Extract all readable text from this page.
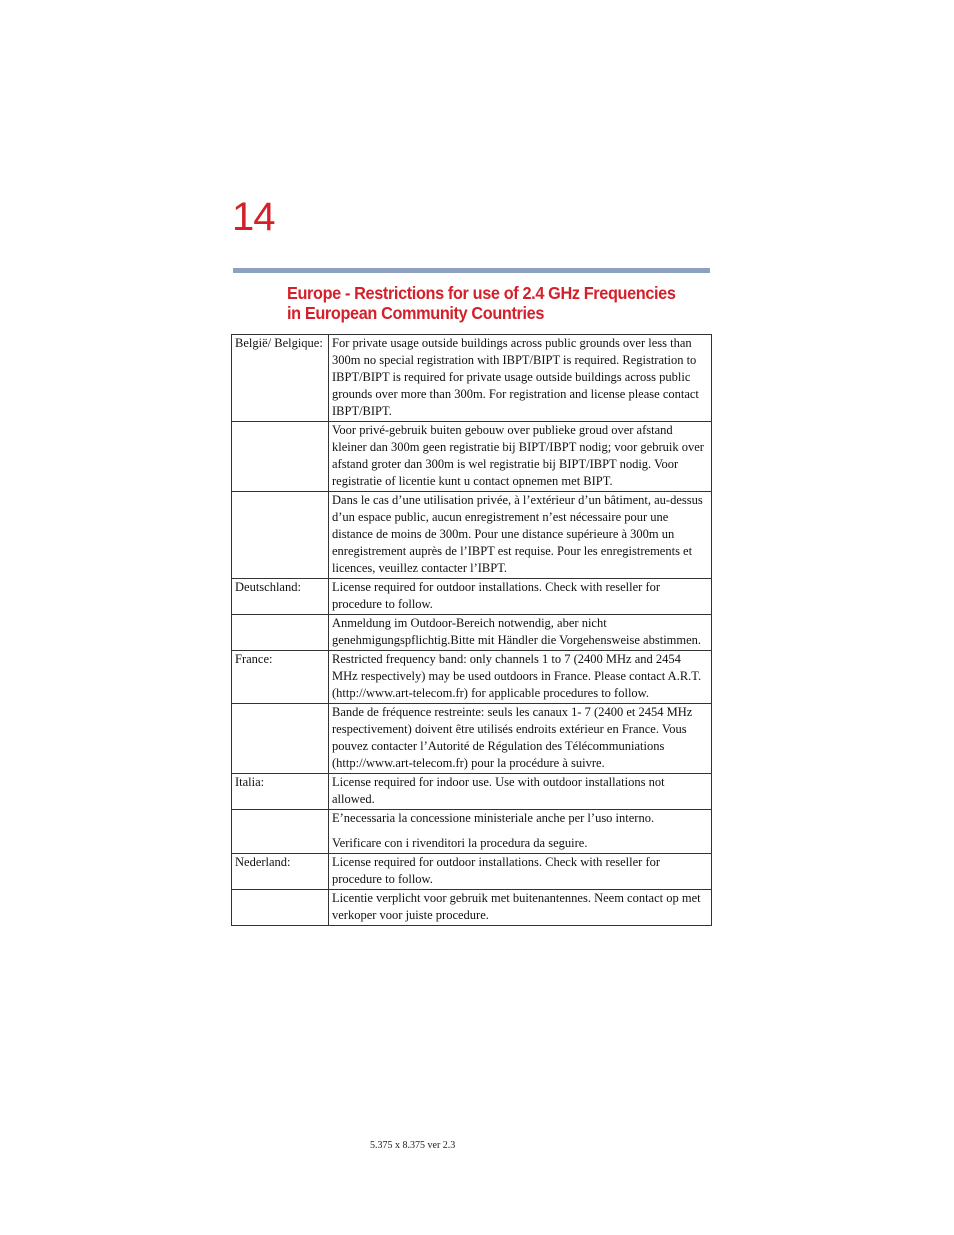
14
Europe - Restrictions for use of 2.4 GHz Frequencies in European Community Countries
België/ Belgique:	For private usage outside buildings across public grounds over less than 300m no special registration with IBPT/BIPT is required. Registration to IBPT/BIPT is required for private usage outside buildings across public grounds over more than 300m. For registration and license please contact IBPT/BIPT.

	Voor privé-gebruik buiten gebouw over publieke groud over afstand kleiner dan 300m geen registratie bij BIPT/IBPT nodig; voor gebruik over afstand groter dan 300m is wel registratie bij BIPT/IBPT nodig. Voor registratie of licentie kunt u contact opnemen met BIPT.

	Dans le cas d’une utilisation privée, à l’extérieur d’un bâtiment, au-dessus d’un espace public, aucun enregistrement n’est nécessaire pour une distance de moins de 300m. Pour une distance supérieure à 300m un enregistrement auprès de l’IBPT est requise. Pour les enregistrements et licences, veuillez contacter l’IBPT.

Deutschland:	License required for outdoor installations. Check with reseller for procedure to follow.

	Anmeldung im Outdoor-Bereich notwendig, aber nicht genehmigungspflichtig.Bitte mit Händler die Vorgehensweise abstimmen.

France:	Restricted frequency band: only channels 1 to 7 (2400 MHz and 2454 MHz respectively) may be used outdoors in France. Please contact A.R.T. (http://www.art-telecom.fr) for applicable procedures to follow.

	Bande de fréquence restreinte: seuls les canaux 1- 7 (2400 et 2454 MHz respectivement) doivent être utilisés endroits extérieur en France. Vous pouvez contacter l’Autorité de Régulation des Télécommuniations (http://www.art-telecom.fr) pour la procédure à suivre.

Italia:	License required for indoor use. Use with outdoor installations not allowed.

	E’necessaria la concessione ministeriale anche per l’uso interno.

Verificare con i rivenditori la procedura da seguire.

Nederland:	License required for outdoor installations. Check with reseller for procedure to follow.

	Licentie verplicht voor gebruik met buitenantennes. Neem contact op met verkoper voor juiste procedure.

5.375 x 8.375 ver 2.3
